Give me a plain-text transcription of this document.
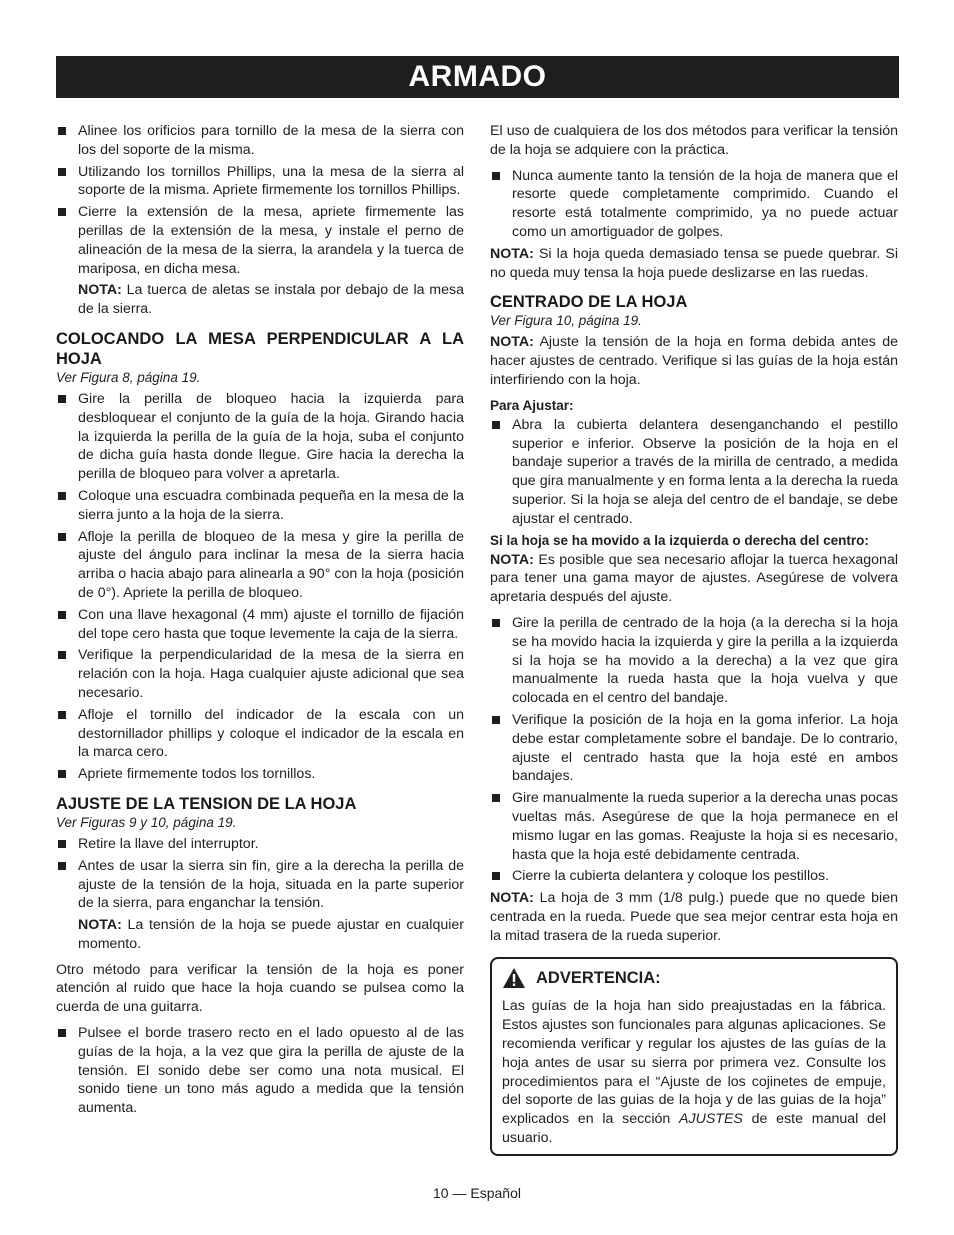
ARMADO
Alinee los orificios para tornillo de la mesa de la sierra con los del soporte de la misma.
Utilizando los tornillos Phillips, una la mesa de la sierra al soporte de la misma. Apriete firmemente los tornillos Phillips.
Cierre la extensión de la mesa, apriete firmemente las perillas de la extensión de la mesa, y instale el perno de alineación de la mesa de la sierra, la arandela y la tuerca de mariposa, en dicha mesa.

NOTA: La tuerca de aletas se instala por debajo de la mesa de la sierra.

COLOCANDO LA MESA PERPENDICULAR A LA HOJA
Ver Figura 8, página 19.
Gire la perilla de bloqueo hacia la izquierda para desbloquear el conjunto de la guía de la hoja. Girando hacia la izquierda la perilla de la guía de la hoja, suba el conjunto de dicha guía hasta donde llegue. Gire hacia la derecha la perilla de bloqueo para volver a apretarla.
Coloque una escuadra combinada pequeña en la mesa de la sierra junto a la hoja de la sierra.
Afloje la perilla de bloqueo de la mesa y gire la perilla de ajuste del ángulo para inclinar la mesa de la sierra hacia arriba o hacia abajo para alinearla a 90° con la hoja (posición de 0°). Apriete la perilla de bloqueo.
Con una llave hexagonal (4 mm) ajuste el tornillo de fijación del tope cero hasta que toque levemente la caja de la sierra.
Verifique la perpendicularidad de la mesa de la sierra en relación con la hoja. Haga cualquier ajuste adicional que sea necesario.
Afloje el tornillo del indicador de la escala con un destornillador phillips y coloque el indicador de la escala en la marca cero.
Apriete firmemente todos los tornillos.
AJUSTE DE LA TENSION DE LA HOJA
Ver Figuras 9 y 10, página 19.
Retire la llave del interruptor.
Antes de usar la sierra sin fin, gire a la derecha la perilla de ajuste de la tensión de la hoja, situada en la parte superior de la sierra, para enganchar la tensión.

NOTA: La tensión de la hoja se puede ajustar en cualquier momento.

Otro método para verificar la tensión de la hoja es poner atención al ruido que hace la hoja cuando se pulsea como la cuerda de una guitarra.

Pulsee el borde trasero recto en el lado opuesto al de las guías de la hoja, a la vez que gira la perilla de ajuste de la tensión. El sonido debe ser como una nota musical. El sonido tiene un tono más agudo a medida que la tensión aumenta.

El uso de cualquiera de los dos métodos para verificar la tensión de la hoja se adquiere con la práctica.

Nunca aumente tanto la tensión de la hoja de manera que el resorte quede completamente comprimido. Cuando el resorte está totalmente comprimido, ya no puede actuar como un amortiguador de golpes.

NOTA: Si la hoja queda demasiado tensa se puede quebrar. Si no queda muy tensa la hoja puede deslizarse en las ruedas.

CENTRADO DE LA HOJA
Ver Figura 10, página 19.

NOTA: Ajuste la tensión de la hoja en forma debida antes de hacer ajustes de centrado. Verifique si las guías de la hoja están interfiriendo con la hoja.

Para Ajustar:
Abra la cubierta delantera desenganchando el pestillo superior e inferior. Observe la posición de la hoja en el bandaje superior a través de la mirilla de centrado, a medida que gira manualmente y en forma lenta a la derecha la rueda superior. Si la hoja se aleja del centro de el bandaje, se debe ajustar el centrado.
Si la hoja se ha movido a la izquierda o derecha del centro:

NOTA: Es posible que sea necesario aflojar la tuerca hexagonal para tener una gama mayor de ajustes. Asegúrese de volvera apretaria después del ajuste.

Gire la perilla de centrado de la hoja (a la derecha si la hoja se ha movido hacia la izquierda y gire la perilla a la izquierda si la hoja se ha movido a la derecha) a la vez que gira manualmente la rueda hasta que la hoja vuelva y que colocada en el centro del bandaje.
Verifique la posición de la hoja en la goma inferior. La hoja debe estar completamente sobre el bandaje. De lo contrario, ajuste el centrado hasta que la hoja esté en ambos bandajes.
Gire manualmente la rueda superior a la derecha unas pocas vueltas más. Asegúrese de que la hoja permanece en el mismo lugar en las gomas. Reajuste la hoja si es necesario, hasta que la hoja esté debidamente centrada.
Cierre la cubierta delantera y coloque los pestillos.

NOTA: La hoja de 3 mm (1/8 pulg.) puede que no quede bien centrada en la rueda. Puede que sea mejor centrar esta hoja en la mitad trasera de la rueda superior.

ADVERTENCIA:
Las guías de la hoja han sido preajustadas en la fábrica. Estos ajustes son funcionales para algunas aplicaciones. Se recomienda verificar y regular los ajustes de las guías de la hoja antes de usar su sierra por primera vez. Consulte los procedimientos para el “Ajuste de los cojinetes de empuje, del soporte de las guias de la hoja y de las guias de la hoja” explicados en la sección AJUSTES de este manual del usuario.
10 — Español
